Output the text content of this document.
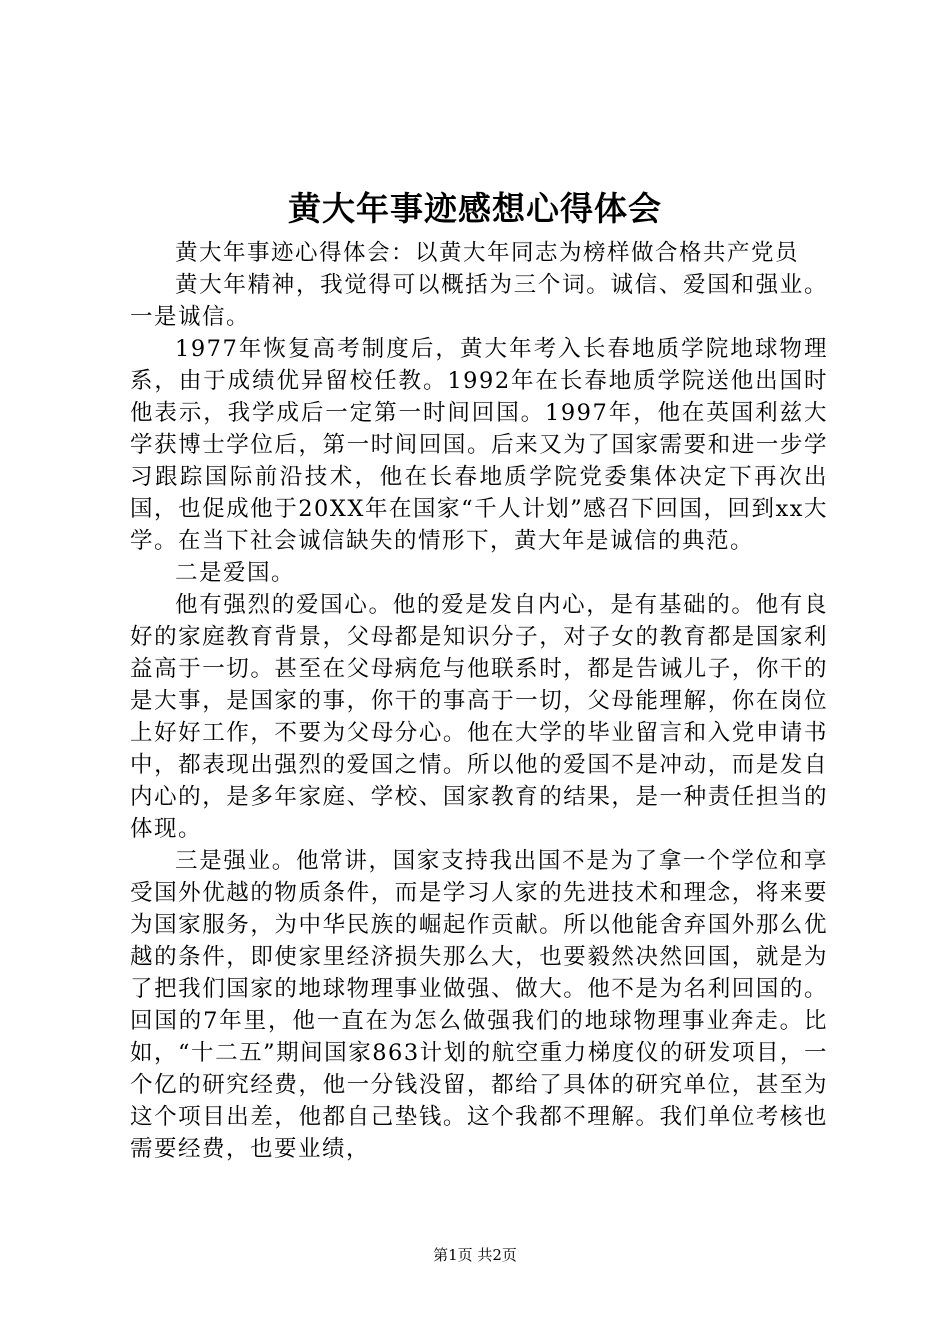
黄大年事迹感想心得体会

黄大年事迹心得体会：以黄大年同志为榜样做合格共产党员

黄大年精神，我觉得可以概括为三个词。诚信、爱国和强业。一是诚信。

1977年恢复高考制度后，黄大年考入长春地质学院地球物理系，由于成绩优异留校任教。1992年在长春地质学院送他出国时他表示，我学成后一定第一时间回国。1997年，他在英国利兹大学获博士学位后，第一时间回国。后来又为了国家需要和进一步学习跟踪国际前沿技术，他在长春地质学院党委集体决定下再次出国，也促成他于20XX年在国家“千人计划”感召下回国，回到xx大学。在当下社会诚信缺失的情形下，黄大年是诚信的典范。

二是爱国。

他有强烈的爱国心。他的爱是发自内心，是有基础的。他有良好的家庭教育背景，父母都是知识分子，对子女的教育都是国家利益高于一切。甚至在父母病危与他联系时，都是告诫儿子，你干的是大事，是国家的事，你干的事高于一切，父母能理解，你在岗位上好好工作，不要为父母分心。他在大学的毕业留言和入党申请书中，都表现出强烈的爱国之情。所以他的爱国不是冲动，而是发自内心的，是多年家庭、学校、国家教育的结果，是一种责任担当的体现。

三是强业。他常讲，国家支持我出国不是为了拿一个学位和享受国外优越的物质条件，而是学习人家的先进技术和理念，将来要为国家服务，为中华民族的崛起作贡献。所以他能舍弃国外那么优越的条件，即使家里经济损失那么大，也要毅然决然回国，就是为了把我们国家的地球物理事业做强、做大。他不是为名利回国的。回国的7年里，他一直在为怎么做强我们的地球物理事业奔走。比如，“十二五”期间国家863计划的航空重力梯度仪的研发项目，一个亿的研究经费，他一分钱没留，都给了具体的研究单位，甚至为这个项目出差，他都自己垫钱。这个我都不理解。我们单位考核也需要经费，也要业绩，

第1页 共2页
